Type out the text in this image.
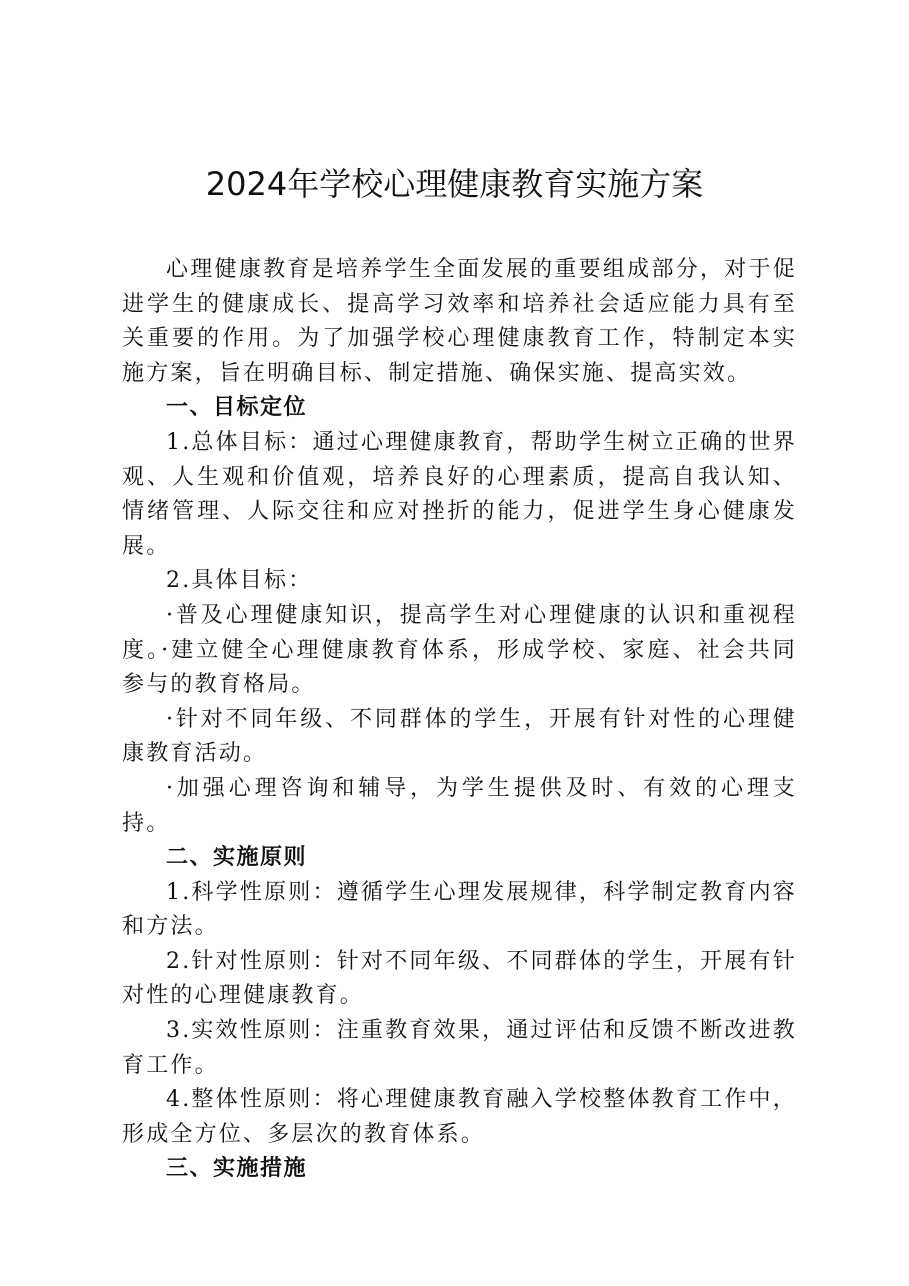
2024年学校心理健康教育实施方案

心理健康教育是培养学生全面发展的重要组成部分，对于促进学生的健康成长、提高学习效率和培养社会适应能力具有至关重要的作用。为了加强学校心理健康教育工作，特制定本实施方案，旨在明确目标、制定措施、确保实施、提高实效。

一、目标定位

1.总体目标：通过心理健康教育，帮助学生树立正确的世界观、人生观和价值观，培养良好的心理素质，提高自我认知、情绪管理、人际交往和应对挫折的能力，促进学生身心健康发展。

2.具体目标：

·普及心理健康知识，提高学生对心理健康的认识和重视程度。·建立健全心理健康教育体系，形成学校、家庭、社会共同参与的教育格局。

·针对不同年级、不同群体的学生，开展有针对性的心理健康教育活动。

·加强心理咨询和辅导，为学生提供及时、有效的心理支持。

二、实施原则

1.科学性原则：遵循学生心理发展规律，科学制定教育内容和方法。

2.针对性原则：针对不同年级、不同群体的学生，开展有针对性的心理健康教育。

3.实效性原则：注重教育效果，通过评估和反馈不断改进教育工作。

4.整体性原则：将心理健康教育融入学校整体教育工作中，形成全方位、多层次的教育体系。

三、实施措施
